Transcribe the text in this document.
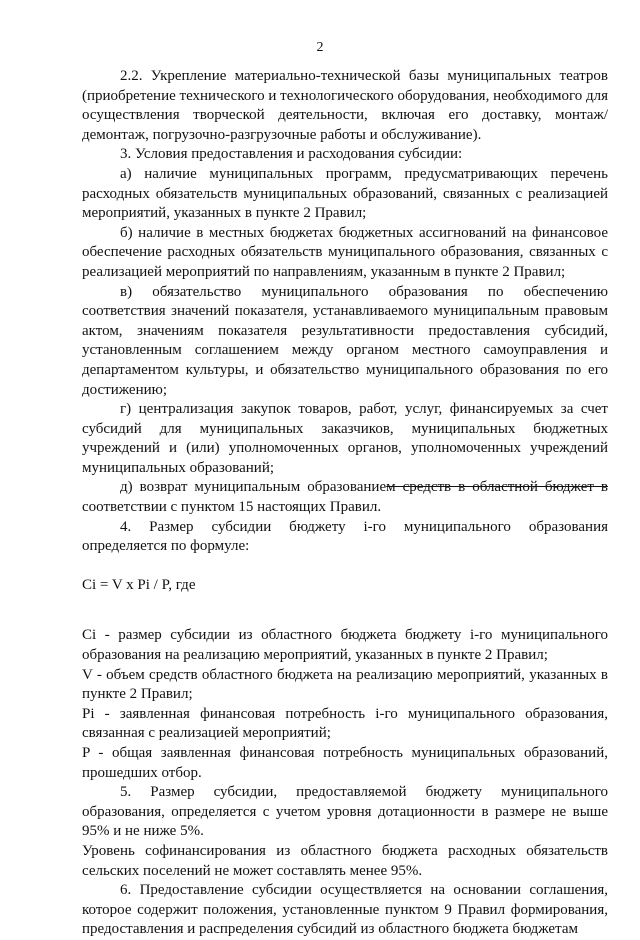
2

2.2. Укрепление материально-технической базы муниципальных театров (приобретение технического и технологического оборудования, необходимого для осуществления творческой деятельности, включая его доставку, монтаж/демонтаж, погрузочно-разгрузочные работы и обслуживание).

3. Условия предоставления и расходования субсидии:

а) наличие муниципальных программ, предусматривающих перечень расходных обязательств муниципальных образований, связанных с реализацией мероприятий, указанных в пункте 2 Правил;

б) наличие в местных бюджетах бюджетных ассигнований на финансовое обеспечение расходных обязательств муниципального образования, связанных с реализацией мероприятий по направлениям, указанным в пункте 2 Правил;

в) обязательство муниципального образования по обеспечению соответствия значений показателя, устанавливаемого муниципальным правовым актом, значениям показателя результативности предоставления субсидий, установленным соглашением между органом местного самоуправления и департаментом культуры, и обязательство муниципального образования по его достижению;

г) централизация закупок товаров, работ, услуг, финансируемых за счет субсидий для муниципальных заказчиков, муниципальных бюджетных учреждений и (или) уполномоченных органов, уполномоченных учреждений муниципальных образований;

д) возврат муниципальным образованием средств в областной бюджет в соответствии с пунктом 15 настоящих Правил.

4. Размер субсидии бюджету i-го муниципального образования определяется по формуле:

Ci = V x Pi / P, где

Ci - размер субсидии из областного бюджета бюджету i-го муниципального образования на реализацию мероприятий, указанных в пункте 2 Правил;

V - объем средств областного бюджета на реализацию мероприятий, указанных в пункте 2 Правил;

Pi - заявленная финансовая потребность i-го муниципального образования, связанная с реализацией мероприятий;

P - общая заявленная финансовая потребность муниципальных образований, прошедших отбор.

5. Размер субсидии, предоставляемой бюджету муниципального образования, определяется с учетом уровня дотационности в размере не выше 95% и не ниже 5%.

Уровень софинансирования из областного бюджета расходных обязательств сельских поселений не может составлять менее 95%.

6. Предоставление субсидии осуществляется на основании соглашения, которое содержит положения, установленные пунктом 9 Правил формирования, предоставления и распределения субсидий из областного бюджета бюджетам
